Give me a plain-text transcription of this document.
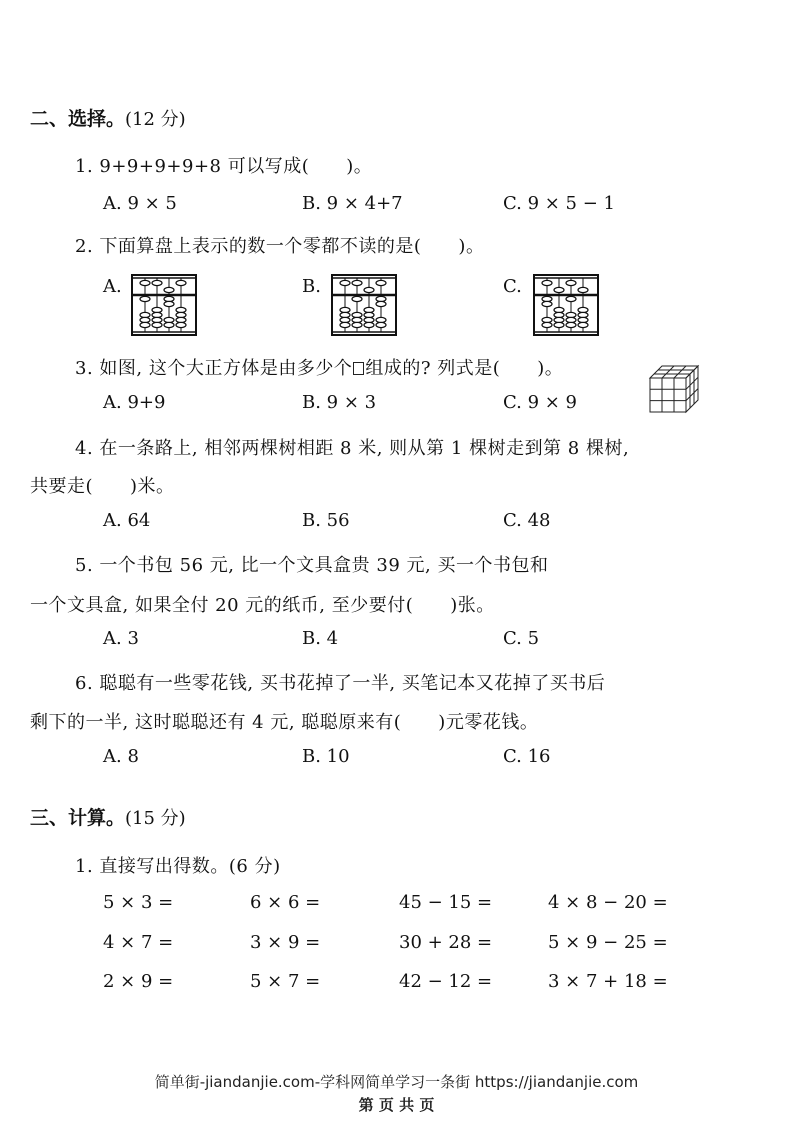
二、选择。(12 分)
1. 9+9+9+9+8 可以写成(　　)。
A. 9 × 5	B. 9 × 4+7	C. 9 × 5 − 1
2. 下面算盘上表示的数一个零都不读的是(　　)。
A.	B.	C.
3. 如图, 这个大正方体是由多少个 组成的? 列式是(　　)。
A. 9+9	B. 9 × 3	C. 9 × 9
4. 在一条路上, 相邻两棵树相距 8 米, 则从第 1 棵树走到第 8 棵树,
共要走(　　)米。
A. 64	B. 56	C. 48
5. 一个书包 56 元, 比一个文具盒贵 39 元, 买一个书包和
一个文具盒, 如果全付 20 元的纸币, 至少要付(　　)张。
A. 3	B. 4	C. 5
6. 聪聪有一些零花钱, 买书花掉了一半, 买笔记本又花掉了买书后
剩下的一半, 这时聪聪还有 4 元, 聪聪原来有(　　)元零花钱。
A. 8	B. 10	C. 16
三、计算。(15 分)
1. 直接写出得数。(6 分)
5 × 3 =	6 × 6 =	45 − 15 =	4 × 8 − 20 =
4 × 7 =	3 × 9 =	30 + 28 =	5 × 9 − 25 =
2 × 9 =	5 × 7 =	42 − 12 =	3 × 7 + 18 =
简单街-jiandanjie.com-学科网简单学习一条街 https://jiandanjie.com
第 页 共 页
